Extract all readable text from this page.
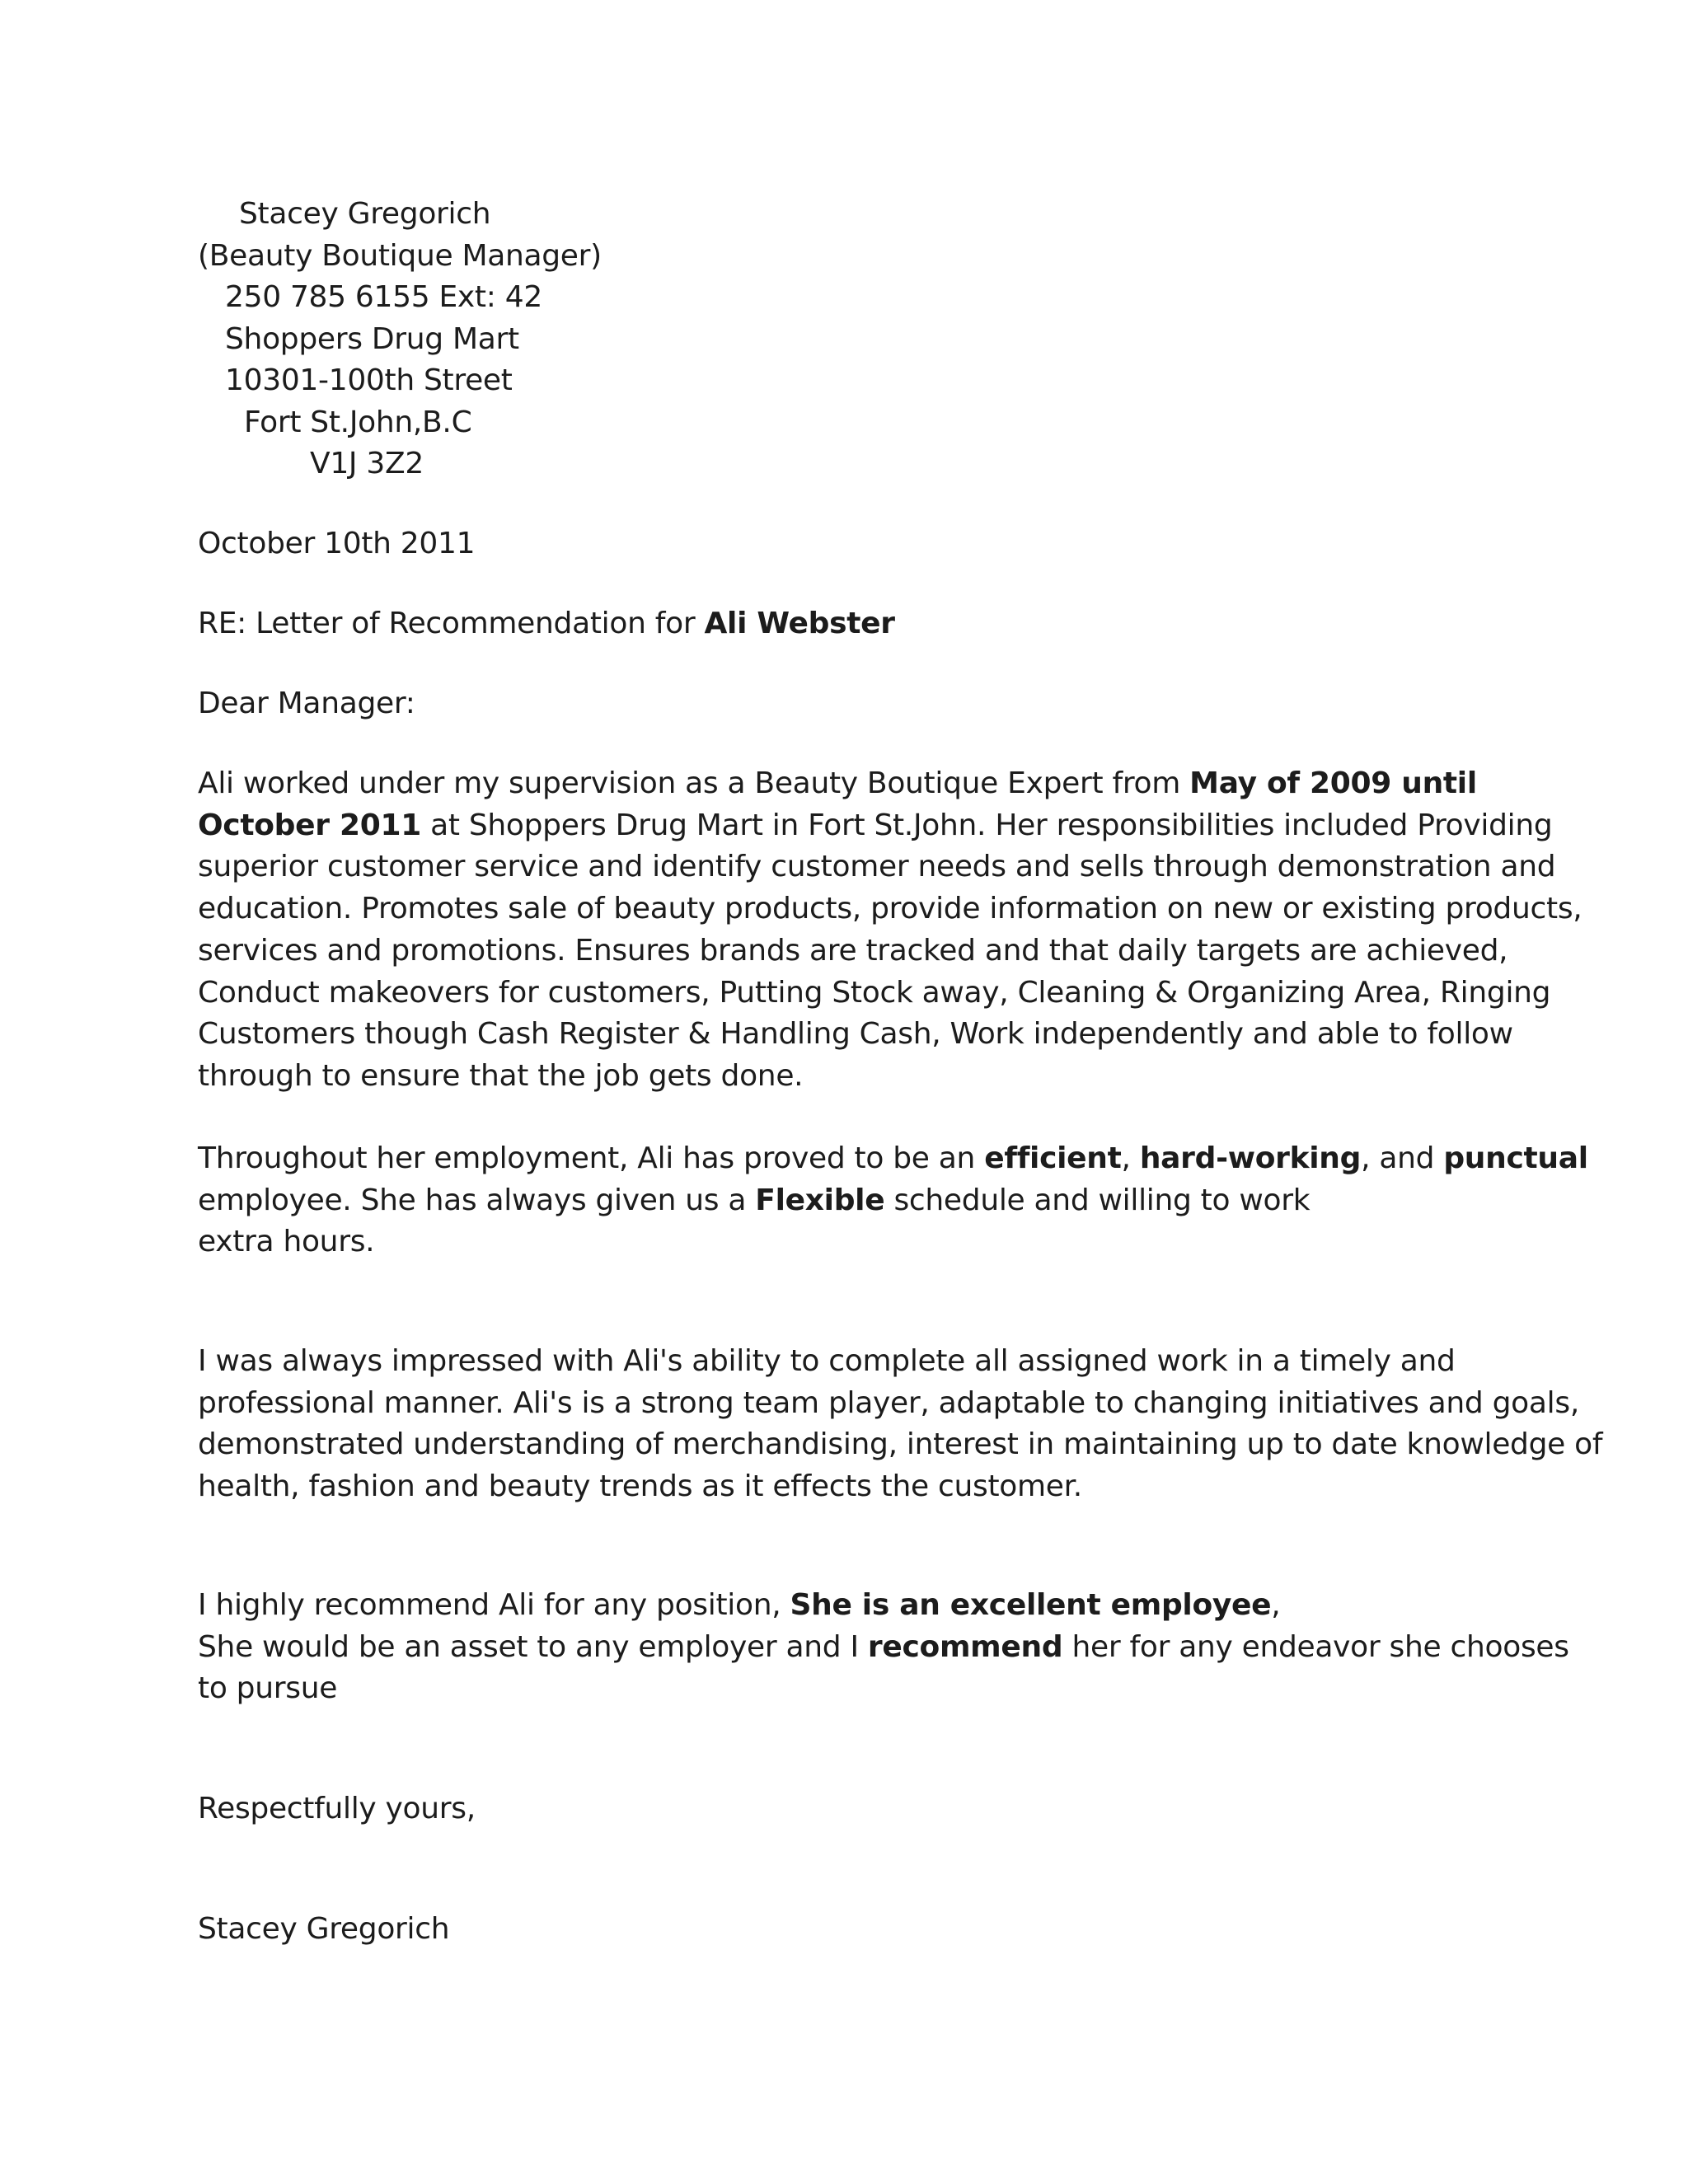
Stacey Gregorich
(Beauty Boutique Manager)
250 785 6155 Ext: 42
Shoppers Drug Mart
10301-100th Street
Fort St.John,B.C
V1J 3Z2
October 10th 2011
RE: Letter of Recommendation for Ali Webster
Dear Manager:
Ali worked under my supervision as a Beauty Boutique Expert from May of 2009 until
October 2011 at Shoppers Drug Mart in Fort St.John. Her responsibilities included Providing
superior customer service and identify customer needs and sells through demonstration and
education. Promotes sale of beauty products, provide information on new or existing products,
services and promotions. Ensures brands are tracked and that daily targets are achieved,
Conduct makeovers for customers, Putting Stock away, Cleaning & Organizing Area, Ringing
Customers though Cash Register & Handling Cash, Work independently and able to follow
through to ensure that the job gets done.
Throughout her employment, Ali has proved to be an efficient, hard-working, and punctual
employee. She has always given us a Flexible schedule and willing to work
extra hours.
I was always impressed with Ali's ability to complete all assigned work in a timely and
professional manner. Ali's is a strong team player, adaptable to changing initiatives and goals,
demonstrated understanding of merchandising, interest in maintaining up to date knowledge of
health, fashion and beauty trends as it effects the customer.
I highly recommend Ali for any position, She is an excellent employee,
She would be an asset to any employer and I recommend her for any endeavor she chooses
to pursue
Respectfully yours,
Stacey Gregorich
